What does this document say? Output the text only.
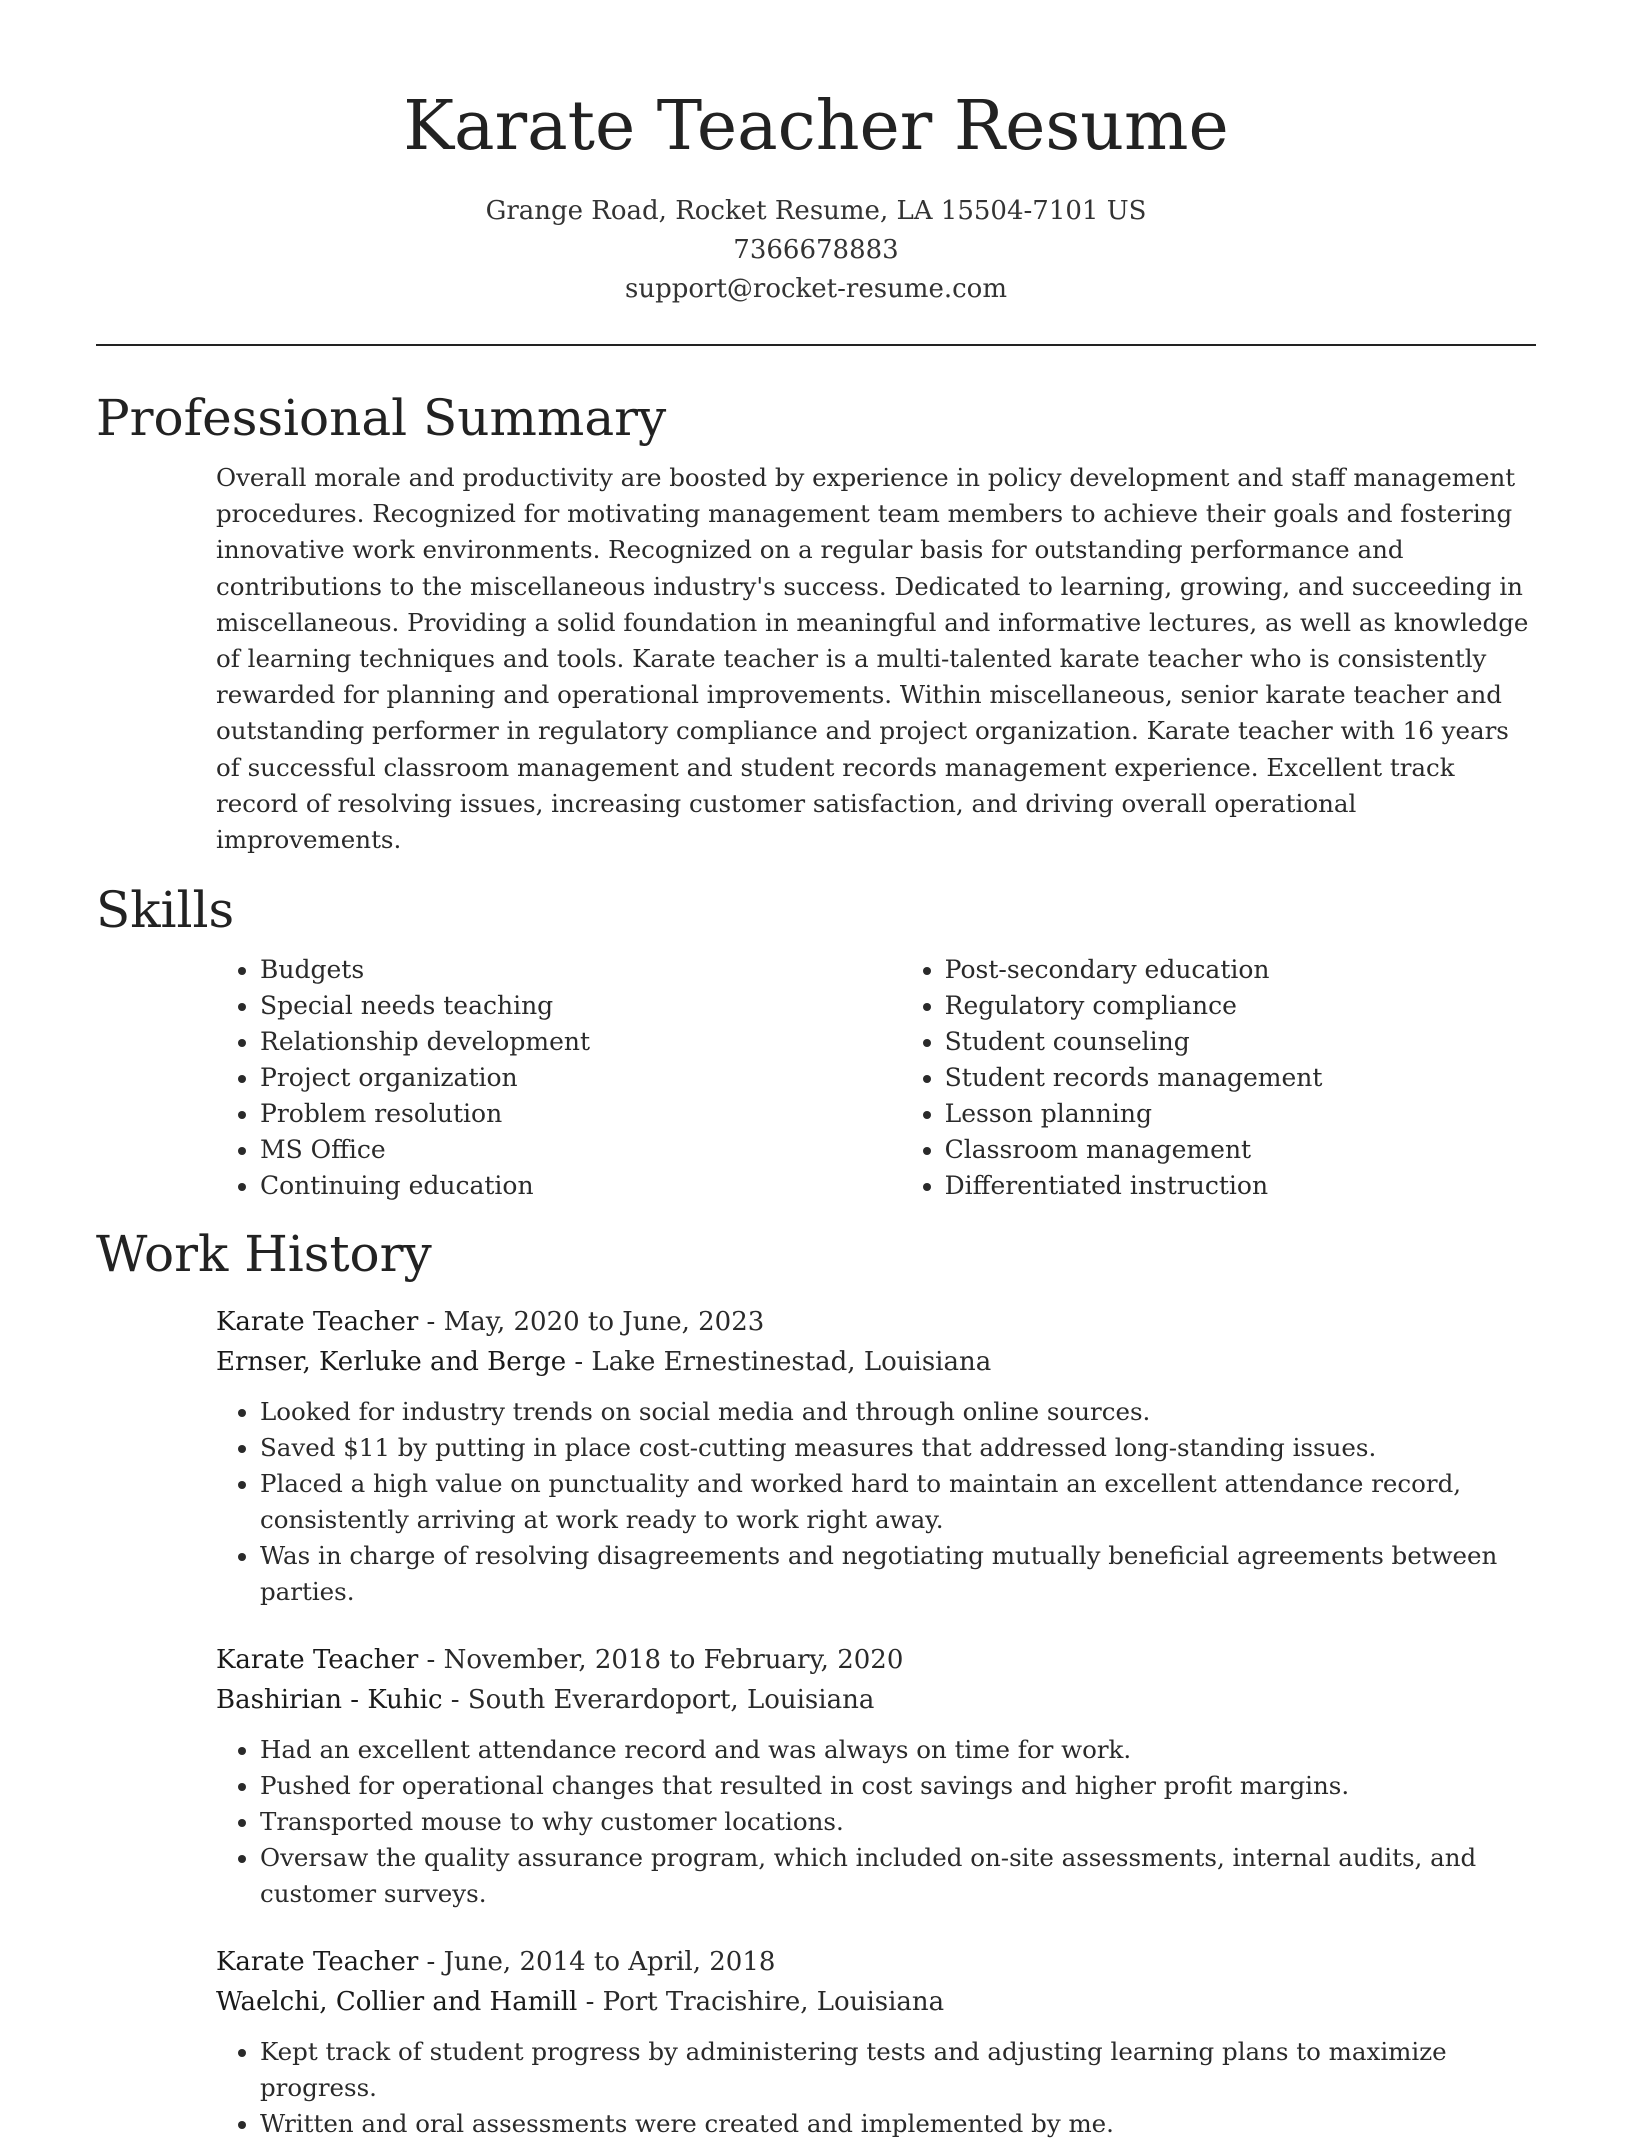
Karate Teacher Resume
Grange Road, Rocket Resume, LA 15504-7101 US
7366678883
support@rocket-resume.com
Professional Summary
Overall morale and productivity are boosted by experience in policy development and staff management procedures. Recognized for motivating management team members to achieve their goals and fostering innovative work environments. Recognized on a regular basis for outstanding performance and contributions to the miscellaneous industry's success. Dedicated to learning, growing, and succeeding in miscellaneous. Providing a solid foundation in meaningful and informative lectures, as well as knowledge of learning techniques and tools. Karate teacher is a multi-talented karate teacher who is consistently rewarded for planning and operational improvements. Within miscellaneous, senior karate teacher and outstanding performer in regulatory compliance and project organization. Karate teacher with 16 years of successful classroom management and student records management experience. Excellent track record of resolving issues, increasing customer satisfaction, and driving overall operational improvements.
Skills
• Budgets
• Special needs teaching
• Relationship development
• Project organization
• Problem resolution
• MS Office
• Continuing education
• Post-secondary education
• Regulatory compliance
• Student counseling
• Student records management
• Lesson planning
• Classroom management
• Differentiated instruction
Work History
Karate Teacher - May, 2020 to June, 2023
Ernser, Kerluke and Berge - Lake Ernestinestad, Louisiana
• Looked for industry trends on social media and through online sources.
• Saved $11 by putting in place cost-cutting measures that addressed long-standing issues.
• Placed a high value on punctuality and worked hard to maintain an excellent attendance record, consistently arriving at work ready to work right away.
• Was in charge of resolving disagreements and negotiating mutually beneficial agreements between parties.
Karate Teacher - November, 2018 to February, 2020
Bashirian - Kuhic - South Everardoport, Louisiana
• Had an excellent attendance record and was always on time for work.
• Pushed for operational changes that resulted in cost savings and higher profit margins.
• Transported mouse to why customer locations.
• Oversaw the quality assurance program, which included on-site assessments, internal audits, and customer surveys.
Karate Teacher - June, 2014 to April, 2018
Waelchi, Collier and Hamill - Port Tracishire, Louisiana
• Kept track of student progress by administering tests and adjusting learning plans to maximize progress.
• Written and oral assessments were created and implemented by me.
